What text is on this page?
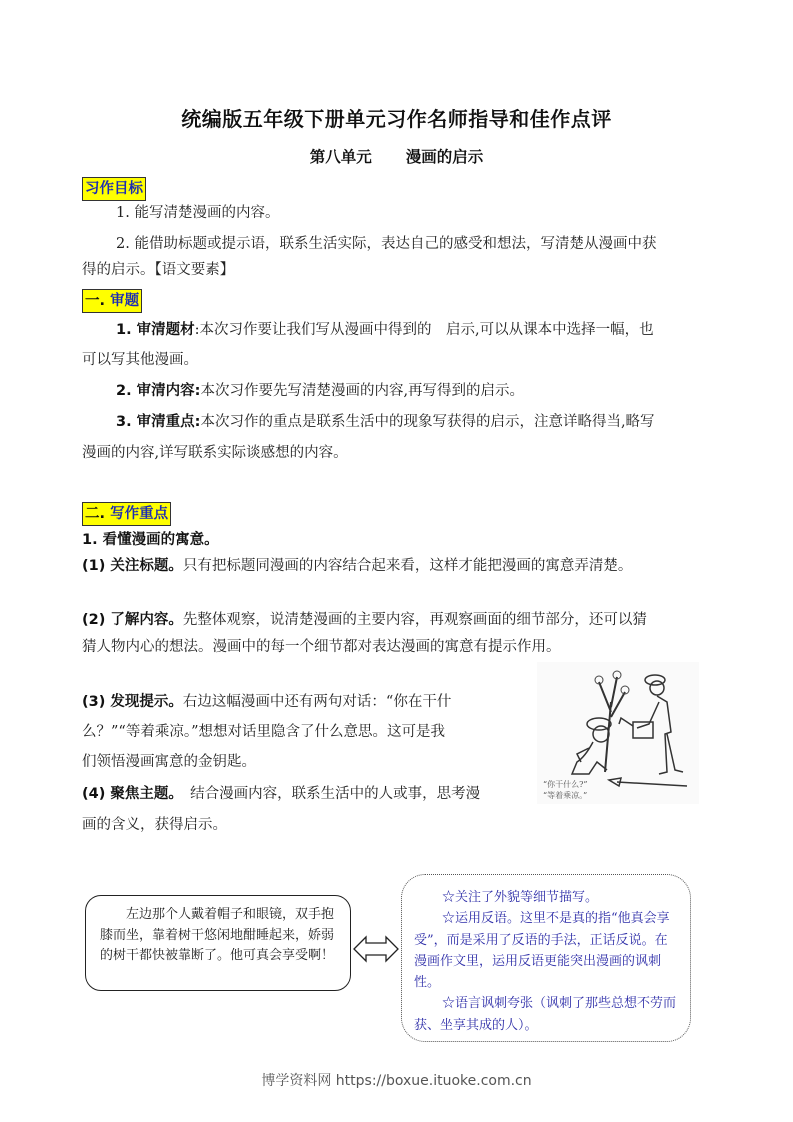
统编版五年级下册单元习作名师指导和佳作点评
第八单元 漫画的启示
习作目标
1. 能写清楚漫画的内容。
2. 能借助标题或提示语，联系生活实际，表达自己的感受和想法，写清楚从漫画中获
得的启示。【语文要素】
一. 审题
1. 审清题材:本次习作要让我们写从漫画中得到的　启示,可以从课本中选择一幅，也
可以写其他漫画。
2. 审清内容:本次习作要先写清楚漫画的内容,再写得到的启示。
3. 审清重点:本次习作的重点是联系生活中的现象写获得的启示，注意详略得当,略写
漫画的内容,详写联系实际谈感想的内容。
二. 写作重点
1. 看懂漫画的寓意。
(1) 关注标题。只有把标题同漫画的内容结合起来看，这样才能把漫画的寓意弄清楚。
(2) 了解内容。先整体观察，说清楚漫画的主要内容，再观察画面的细节部分，还可以猜
猜人物内心的想法。漫画中的每一个细节都对表达漫画的寓意有提示作用。
(3) 发现提示。右边这幅漫画中还有两句对话：“你在干什
么？”“等着乘凉。”想想对话里隐含了什么意思。这可是我
们领悟漫画寓意的金钥匙。
(4) 聚焦主题。　结合漫画内容，联系生活中的人或事，思考漫
画的含义，获得启示。
“你干什么?”
“等着乘凉。”

左边那个人戴着帽子和眼镜，双手抱膝而坐，靠着树干悠闲地酣睡起来，娇弱的树干都快被靠断了。他可真会享受啊！

☆关注了外貌等细节描写。

☆运用反语。这里不是真的指“他真会享受”，而是采用了反语的手法，正话反说。在漫画作文里，运用反语更能突出漫画的讽刺性。

☆语言讽刺夸张（讽刺了那些总想不劳而获、坐享其成的人）。

博学资料网 https://boxue.ituoke.com.cn
